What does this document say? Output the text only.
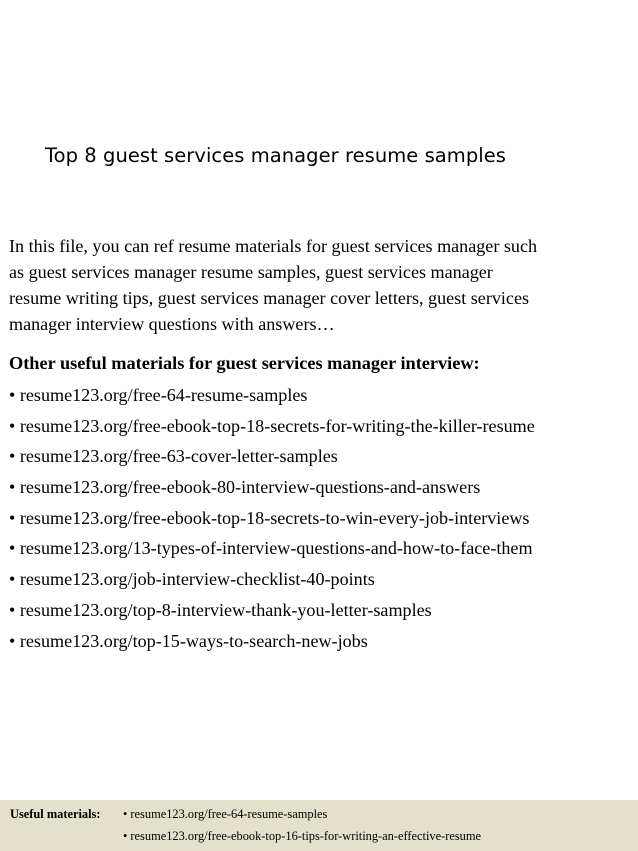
Top 8 guest services manager resume samples

In this file, you can ref resume materials for guest services manager such
as guest services manager resume samples, guest services manager
resume writing tips, guest services manager cover letters, guest services
manager interview questions with answers…

Other useful materials for guest services manager interview:
• resume123.org/free-64-resume-samples
• resume123.org/free-ebook-top-18-secrets-for-writing-the-killer-resume
• resume123.org/free-63-cover-letter-samples
• resume123.org/free-ebook-80-interview-questions-and-answers
• resume123.org/free-ebook-top-18-secrets-to-win-every-job-interviews
• resume123.org/13-types-of-interview-questions-and-how-to-face-them
• resume123.org/job-interview-checklist-40-points
• resume123.org/top-8-interview-thank-you-letter-samples
• resume123.org/top-15-ways-to-search-new-jobs
Useful materials: • resume123.org/free-64-resume-samples
• resume123.org/free-ebook-top-16-tips-for-writing-an-effective-resume
